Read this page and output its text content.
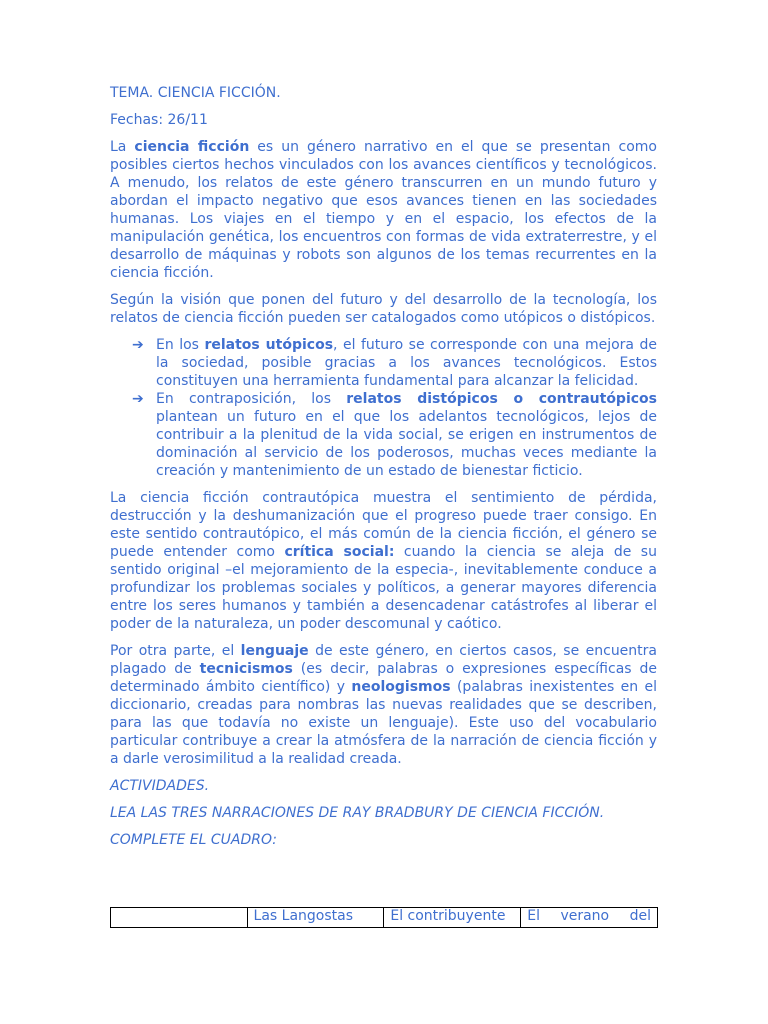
TEMA. CIENCIA FICCIÓN.

Fechas: 26/11

La ciencia ficción es un género narrativo en el que se presentan como posibles ciertos hechos vinculados con los avances científicos y tecnológicos. A menudo, los relatos de este género transcurren en un mundo futuro y abordan el impacto negativo que esos avances tienen en las sociedades humanas. Los viajes en el tiempo y en el espacio, los efectos de la manipulación genética, los encuentros con formas de vida extraterrestre, y el desarrollo de máquinas y robots son algunos de los temas recurrentes en la ciencia ficción.

Según la visión que ponen del futuro y del desarrollo de la tecnología, los relatos de ciencia ficción pueden ser catalogados como utópicos o distópicos.

➔ En los relatos utópicos, el futuro se corresponde con una mejora de la sociedad, posible gracias a los avances tecnológicos. Estos constituyen una herramienta fundamental para alcanzar la felicidad.
➔ En contraposición, los relatos distópicos o contrautópicos plantean un futuro en el que los adelantos tecnológicos, lejos de contribuir a la plenitud de la vida social, se erigen en instrumentos de dominación al servicio de los poderosos, muchas veces mediante la creación y mantenimiento de un estado de bienestar ficticio.

La ciencia ficción contrautópica muestra el sentimiento de pérdida, destrucción y la deshumanización que el progreso puede traer consigo. En este sentido contrautópico, el más común de la ciencia ficción, el género se puede entender como crítica social: cuando la ciencia se aleja de su sentido original –el mejoramiento de la especia-, inevitablemente conduce a profundizar los problemas sociales y políticos, a generar mayores diferencia entre los seres humanos y también a desencadenar catástrofes al liberar el poder de la naturaleza, un poder descomunal y caótico.

Por otra parte, el lenguaje de este género, en ciertos casos, se encuentra plagado de tecnicismos (es decir, palabras o expresiones específicas de determinado ámbito científico) y neologismos (palabras inexistentes en el diccionario, creadas para nombras las nuevas realidades que se describen, para las que todavía no existe un lenguaje). Este uso del vocabulario particular contribuye a crear la atmósfera de la narración de ciencia ficción y a darle verosimilitud a la realidad creada.

ACTIVIDADES.

LEA LAS TRES NARRACIONES DE RAY BRADBURY DE CIENCIA FICCIÓN.

COMPLETE EL CUADRO:

	Las Langostas	El contribuyente	El verano del
